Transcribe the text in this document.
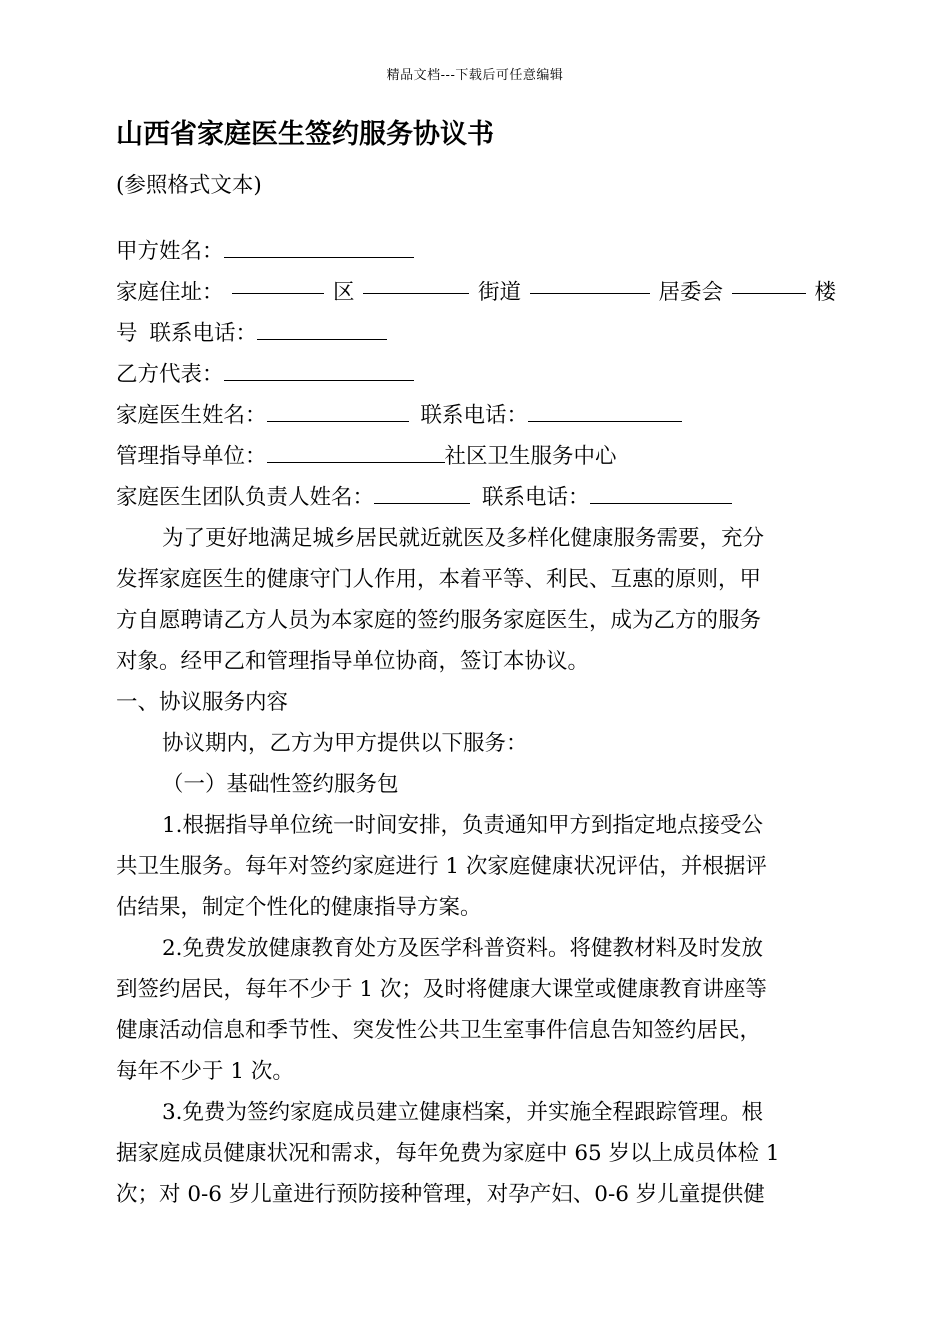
精品文档---下载后可任意编辑
山西省家庭医生签约服务协议书
(参照格式文本)
甲方姓名：
家庭住址：	区	街道	居委会	楼
号 联系电话：
乙方代表：
家庭医生姓名：	联系电话：
管理指导单位：	社区卫生服务中心
家庭医生团队负责人姓名：	联系电话：
为了更好地满足城乡居民就近就医及多样化健康服务需要，充分
发挥家庭医生的健康守门人作用，本着平等、利民、互惠的原则，甲
方自愿聘请乙方人员为本家庭的签约服务家庭医生，成为乙方的服务
对象。经甲乙和管理指导单位协商，签订本协议。
一、协议服务内容
协议期内，乙方为甲方提供以下服务：
（一）基础性签约服务包
1.根据指导单位统一时间安排，负责通知甲方到指定地点接受公
共卫生服务。每年对签约家庭进行 1 次家庭健康状况评估，并根据评
估结果，制定个性化的健康指导方案。
2.免费发放健康教育处方及医学科普资料。将健教材料及时发放
到签约居民，每年不少于 1 次；及时将健康大课堂或健康教育讲座等
健康活动信息和季节性、突发性公共卫生室事件信息告知签约居民，
每年不少于 1 次。
3.免费为签约家庭成员建立健康档案，并实施全程跟踪管理。根
据家庭成员健康状况和需求，每年免费为家庭中 65 岁以上成员体检 1
次；对 0-6 岁儿童进行预防接种管理，对孕产妇、0-6 岁儿童提供健
